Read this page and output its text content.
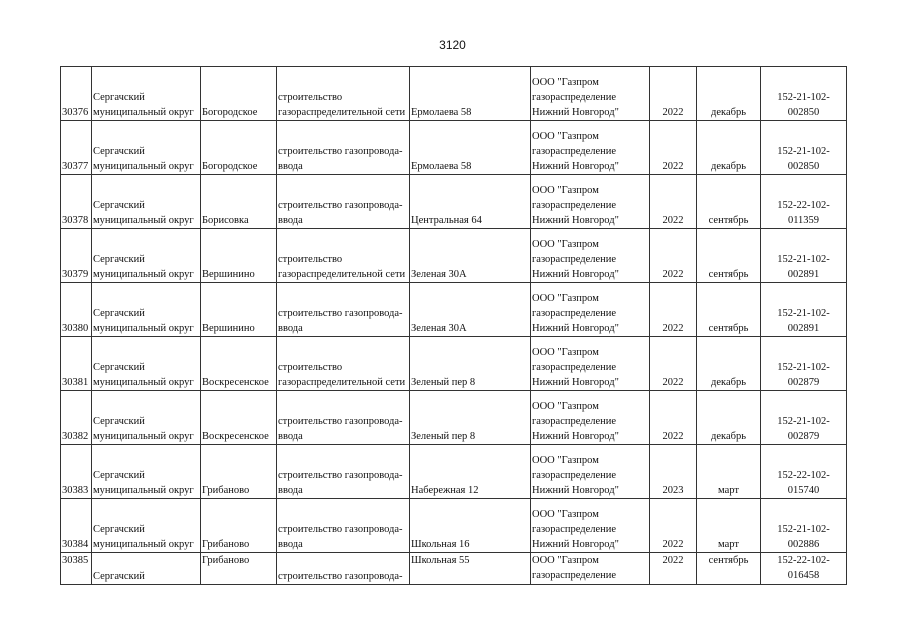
3120
30376	Сергачский
муниципальный округ	Богородское	строительство
газораспределительной сети	Ермолаева 58	ООО "Газпром
газораспределение
Нижний Новгород"	2022	декабрь	152-21-102-002850
30377	Сергачский
муниципальный округ	Богородское	строительство газопровода-
ввода	Ермолаева 58	ООО "Газпром
газораспределение
Нижний Новгород"	2022	декабрь	152-21-102-002850
30378	Сергачский
муниципальный округ	Борисовка	строительство газопровода-
ввода	Центральная 64	ООО "Газпром
газораспределение
Нижний Новгород"	2022	сентябрь	152-22-102-011359
30379	Сергачский
муниципальный округ	Вершинино	строительство
газораспределительной сети	Зеленая 30А	ООО "Газпром
газораспределение
Нижний Новгород"	2022	сентябрь	152-21-102-002891
30380	Сергачский
муниципальный округ	Вершинино	строительство газопровода-
ввода	Зеленая 30А	ООО "Газпром
газораспределение
Нижний Новгород"	2022	сентябрь	152-21-102-002891
30381	Сергачский
муниципальный округ	Воскресенское	строительство
газораспределительной сети	Зеленый пер 8	ООО "Газпром
газораспределение
Нижний Новгород"	2022	декабрь	152-21-102-002879
30382	Сергачский
муниципальный округ	Воскресенское	строительство газопровода-
ввода	Зеленый пер 8	ООО "Газпром
газораспределение
Нижний Новгород"	2022	декабрь	152-21-102-002879
30383	Сергачский
муниципальный округ	Грибаново	строительство газопровода-
ввода	Набережная 12	ООО "Газпром
газораспределение
Нижний Новгород"	2023	март	152-22-102-015740
30384	Сергачский
муниципальный округ	Грибаново	строительство газопровода-
ввода	Школьная 16	ООО "Газпром
газораспределение
Нижний Новгород"	2022	март	152-21-102-002886
30385	Сергачский	Грибаново	строительство газопровода-	Школьная 55	ООО "Газпром
газораспределение	2022	сентябрь	152-22-102-016458
